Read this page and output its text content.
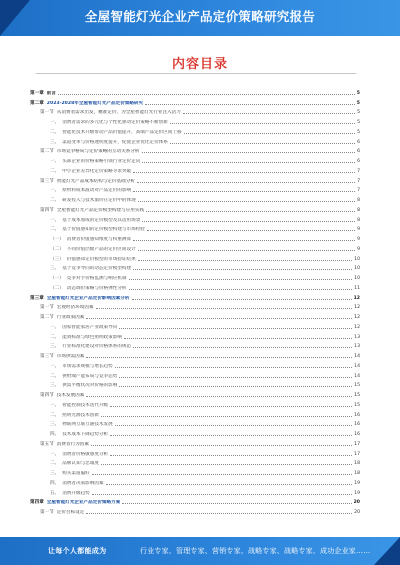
全屋智能灯光企业产品定价策略研究报告
内容目录
第一章 前言	5
第二章 2023-2028年全屋智能灯光产品定价策略研究	5
第一节 从消费者需求出发，精准定价，为全屋智能灯光行业注入活力	5
一、 消费者需求的多元化与个性化驱动定价策略不断创新	5
二、 智能化技术升级带动产品价值提升，高端产品定价区间上移	5
三、 渠道变革与价格透明度提升，促使企业优化定价体系	6
第二节 市场竞争格局与定价策略的互动关系分析	6
一、 头部企业的价格策略引领行业定价走向	6
二、 中小企业差异化定价策略寻求突破	7
第三节 智能灯光产品成本结构与定价基础分析	7
一、 原材料成本波动对产品定价的影响	7
二、 研发投入与技术溢价在定价中的体现	8
第四节 全屋智能灯光产品定价模型构建与应用实践	8
一、 基于成本加成的定价模型及其适用场景	8
二、 基于价值感知的定价模型构建与市场检验	9
（一） 消费者价值感知维度与权重测算	9
（二） 不同价值层级产品的定价区间设计	9
（三） 价值感知定价模型的市场验证结果	10
三、 基于竞争导向的动态定价模型构建	10
（一） 竞争对手价格监测与响应机制	10
（二） 动态调价策略与价格弹性分析	11
第三章 全屋智能灯光企业产品定价影响因素分析	12
第一节 宏观经济环境因素	12
第二节 行业政策因素	12
一、 国家智能家居产业政策导向	12
二、 能效标准与绿色照明政策影响	13
三、 行业标准化建设对价格体系的规范	13
第三节 市场供需因素	14
一、 市场需求规模与增长趋势	14
二、 供给端产能布局与竞争态势	14
三、 供需平衡状况对价格的影响	15
第四节 技术发展因素	15
一、 智能控制技术迭代升级	15
二、 照明光源技术创新	16
三、 物联网互联互通技术发展	16
四、 技术成本下降趋势分析	16
第五节 消费者行为因素	17
一、 消费者价格敏感度分析	17
二、 品牌认知与忠诚度	18
三、 购买渠道偏好	18
四、 消费者决策影响因素	19
五、 消费升级趋势	19
第四章 全屋智能灯光企业产品定价策略方案	20
第一节 定价目标设定	20
让每个人都能成为	行业专家、管理专家、营销专家、战略专家、战略专家、成功企业家……
